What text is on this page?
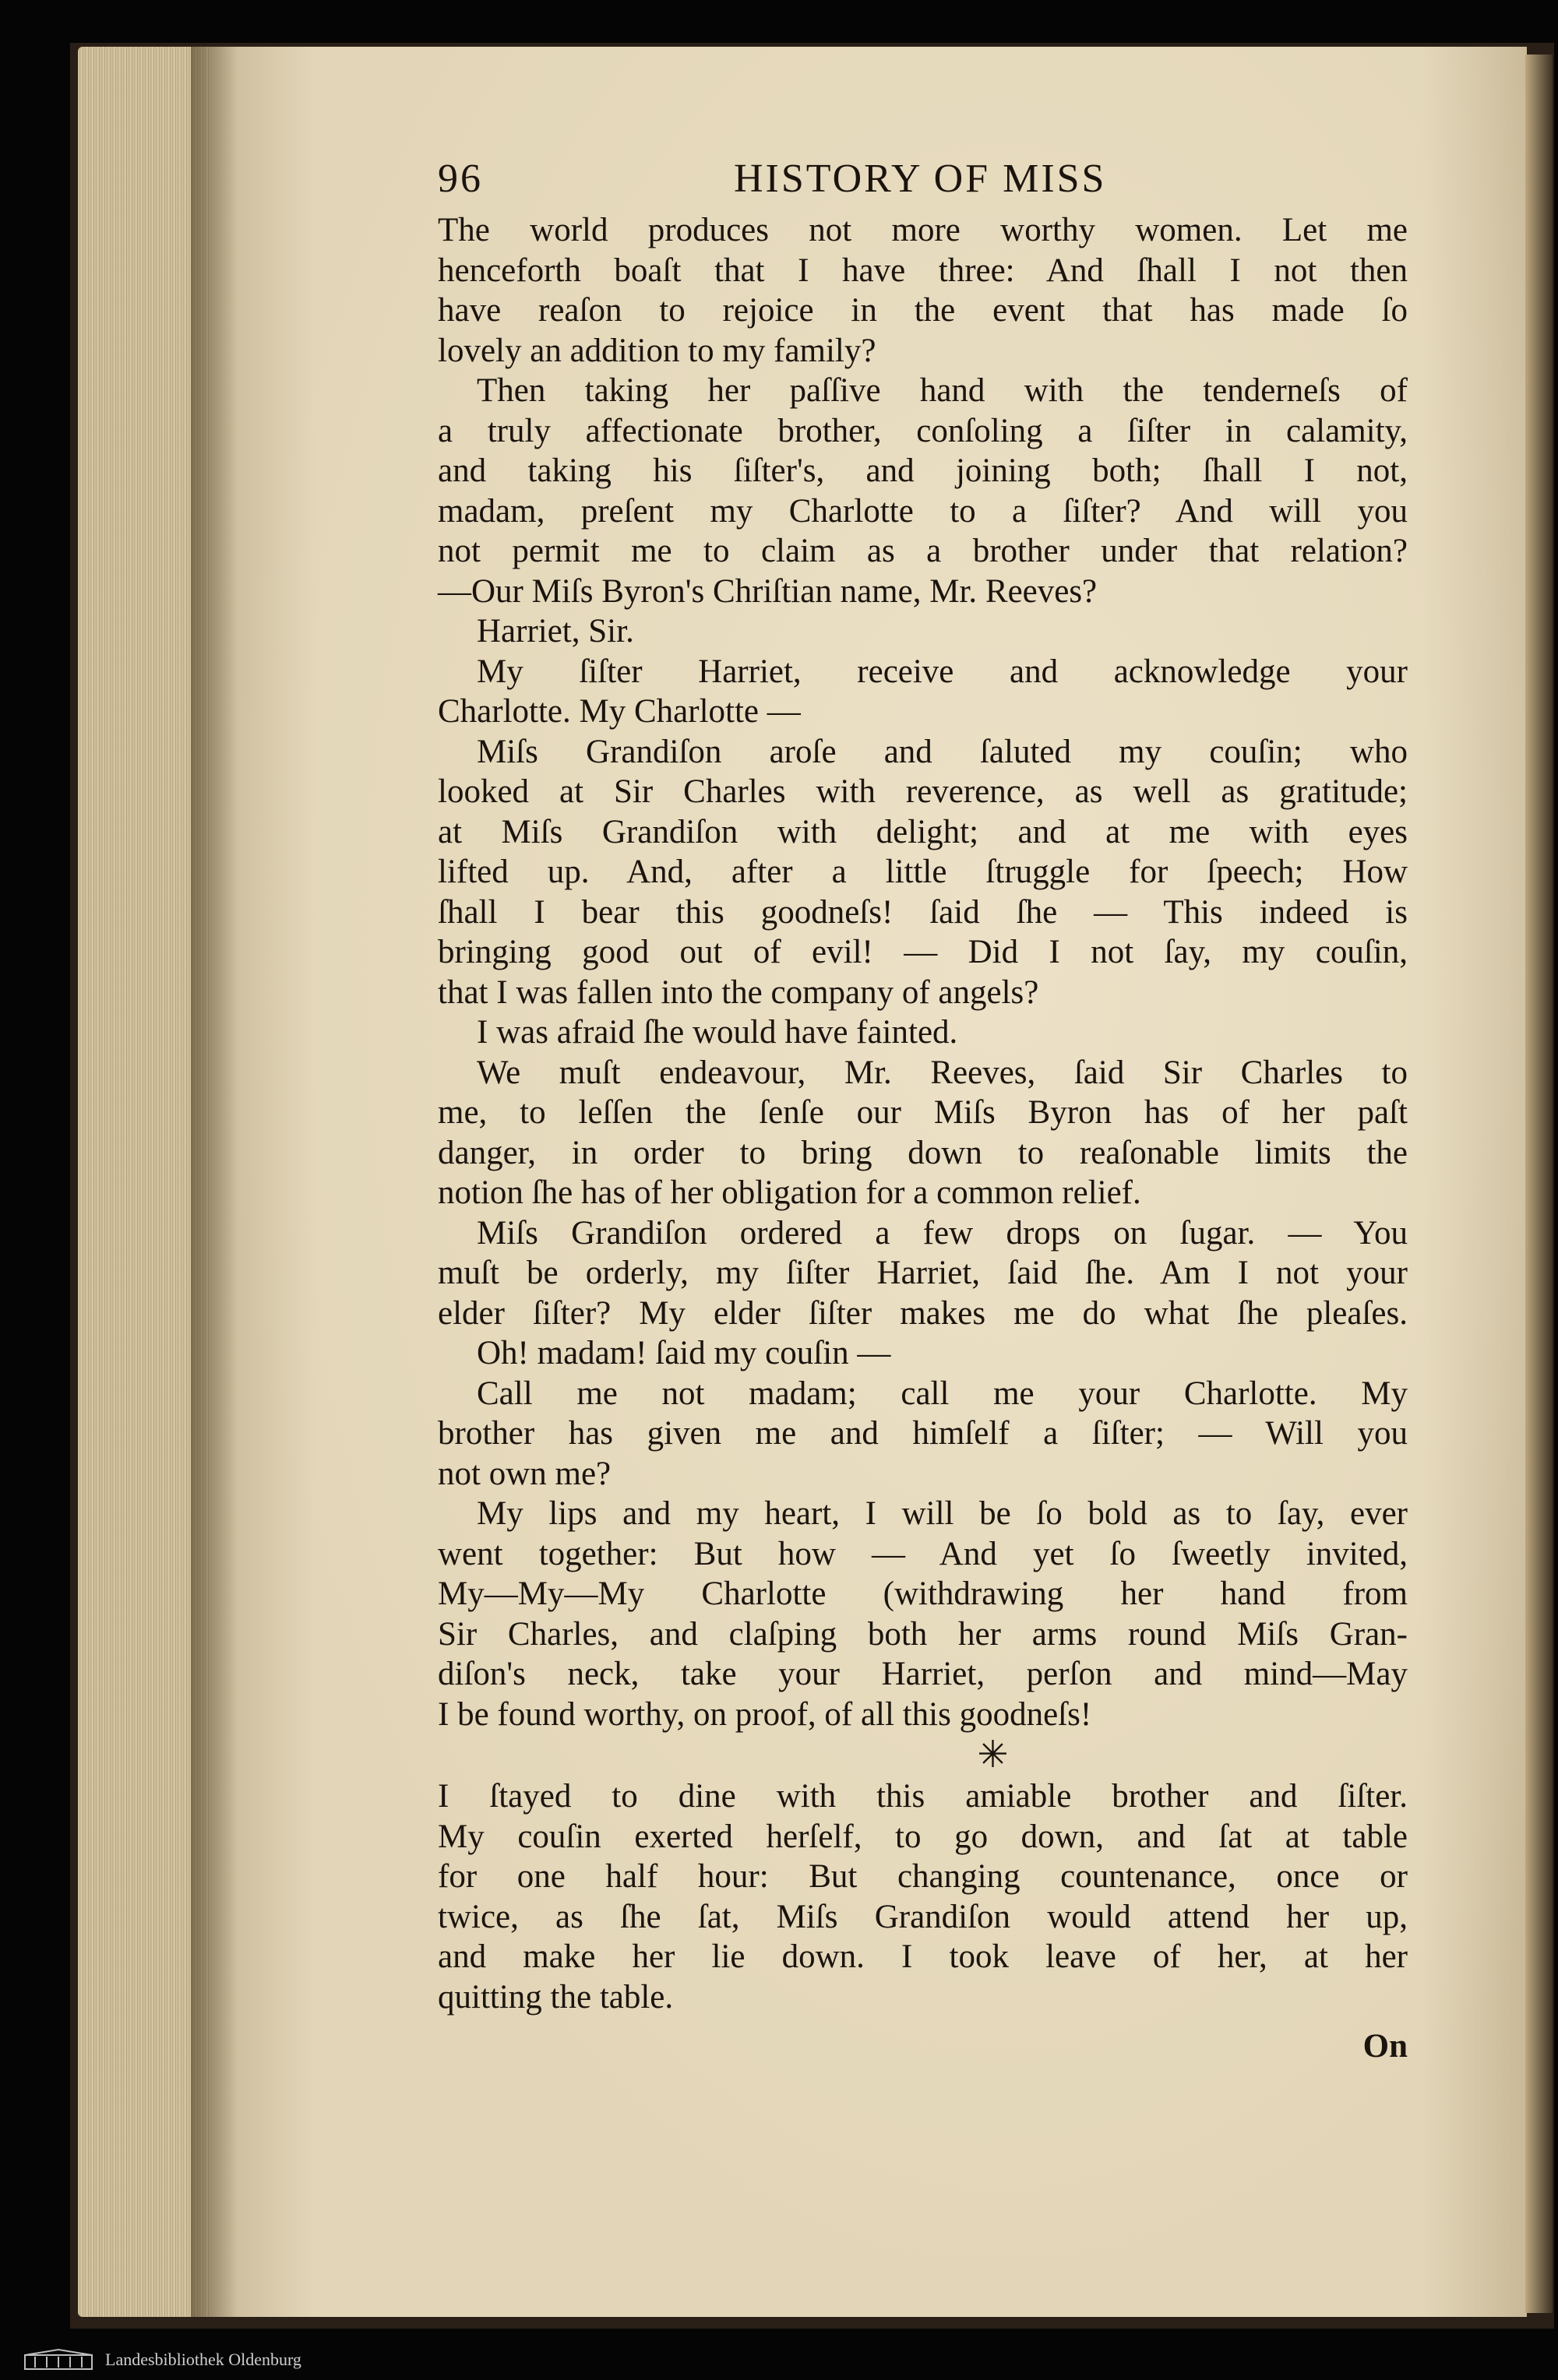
96	HISTORY OF MISS
The world produces not more worthy women. Let me
henceforth boaſt that I have three: And ſhall I not then
have reaſon to rejoice in the event that has made ſo
lovely an addition to my family?
Then taking her paſſive hand with the tenderneſs of
a truly affectionate brother, conſoling a ſiſter in calamity,
and taking his ſiſter's, and joining both; ſhall I not,
madam, preſent my Charlotte to a ſiſter? And will you
not permit me to claim as a brother under that relation?
—Our Miſs Byron's Chriſtian name, Mr. Reeves?
Harriet, Sir.
My ſiſter Harriet, receive and acknowledge your
Charlotte. My Charlotte —
Miſs Grandiſon aroſe and ſaluted my couſin; who
looked at Sir Charles with reverence, as well as gratitude;
at Miſs Grandiſon with delight; and at me with eyes
lifted up. And, after a little ſtruggle for ſpeech; How
ſhall I bear this goodneſs! ſaid ſhe — This indeed is
bringing good out of evil! — Did I not ſay, my couſin,
that I was fallen into the company of angels?
I was afraid ſhe would have fainted.
We muſt endeavour, Mr. Reeves, ſaid Sir Charles to
me, to leſſen the ſenſe our Miſs Byron has of her paſt
danger, in order to bring down to reaſonable limits the
notion ſhe has of her obligation for a common relief.
Miſs Grandiſon ordered a few drops on ſugar. — You
muſt be orderly, my ſiſter Harriet, ſaid ſhe. Am I not your
elder ſiſter? My elder ſiſter makes me do what ſhe pleaſes.
Oh! madam! ſaid my couſin —
Call me not madam; call me your Charlotte. My
brother has given me and himſelf a ſiſter; — Will you
not own me?
My lips and my heart, I will be ſo bold as to ſay, ever
went together: But how — And yet ſo ſweetly invited,
My—My—My Charlotte (withdrawing her hand from
Sir Charles, and claſping both her arms round Miſs Gran-
diſon's neck, take your Harriet, perſon and mind—May
I be found worthy, on proof, of all this goodneſs!
✳
I ſtayed to dine with this amiable brother and ſiſter.
My couſin exerted herſelf, to go down, and ſat at table
for one half hour: But changing countenance, once or
twice, as ſhe ſat, Miſs Grandiſon would attend her up,
and make her lie down. I took leave of her, at her
quitting the table.
On
Landesbibliothek Oldenburg
